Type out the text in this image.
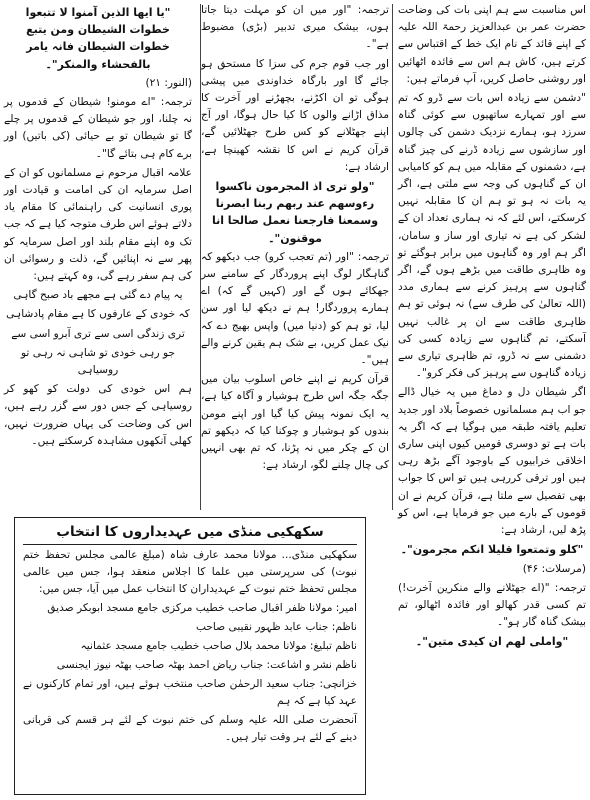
اس مناسبت سے ہم اپنی بات کی وضاحت حضرت عمر بن عبدالعزیز رحمۃ اللہ علیہ کے اپنے قائد کے نام ایک خط کے اقتباس سے کرتے ہیں، کاش ہم اس سے فائدہ اٹھائیں اور روشنی حاصل کریں، آپ فرماتے ہیں:

"دشمن سے زیادہ اس بات سے ڈرو کہ تم سے اور تمہارے ساتھیوں سے کوئی گناہ سرزد ہو، ہمارے نزدیک دشمن کی چالوں اور سازشوں سے زیادہ ڈرنے کی چیز گناہ ہے، دشمنوں کے مقابلہ میں ہم کو کامیابی ان کے گناہوں کی وجہ سے ملتی ہے، اگر یہ بات نہ ہو تو ہم ان کا مقابلہ نہیں کرسکتے، اس لئے کہ نہ ہماری تعداد ان کے لشکر کی ہے نہ تیاری اور ساز و سامان، اگر ہم اور وہ گناہوں میں برابر ہوگئے تو وہ ظاہری طاقت میں بڑھے ہوں گے، اگر گناہوں سے پرہیز کرنے سے ہماری مدد (اللہ تعالیٰ کی طرف سے) نہ ہوئی تو ہم ظاہری طاقت سے ان پر غالب نہیں آسکتے، تم گناہوں سے زیادہ کسی کی دشمنی سے نہ ڈرو، تم ظاہری تیاری سے زیادہ گناہوں سے پرہیز کی فکر کرو"۔

اگر شیطان دل و دماغ میں یہ خیال ڈالے جو اب ہم مسلمانوں خصوصاً بلاد اور جدید تعلیم یافتہ طبقہ میں ہوگیا ہے کہ اگر یہ بات ہے تو دوسری قومیں کیوں اپنی ساری اخلاقی خرابیوں کے باوجود آگے بڑھ رہی ہیں اور ترقی کررہی ہیں تو اس کا جواب بھی تفصیل سے ملتا ہے، قرآن کریم نے ان قوموں کے بارے میں جو فرمایا ہے، اس کو پڑھ لیں، ارشاد ہے:

"کلو وتمتعوا قلیلا انکم مجرمون"۔

(مرسلات: ۴۶)

ترجمہ: "(اے جھٹلانے والے منکرین آخرت!) تم کسی قدر کھالو اور فائدہ اٹھالو، تم بیشک گناہ گار ہو"۔

"واملی لھم ان کیدی متین"۔

ترجمہ: "اور میں ان کو مہلت دیتا جاتا ہوں، بیشک میری تدبیر (بڑی) مضبوط ہے"۔

اور جب قوم جرم کی سزا کا مستحق ہو جائے گا اور بارگاہ خداوندی میں پیشی ہوگی تو ان اکڑنے، بچھڑنے اور آخرت کا مذاق اڑانے والوں کا کیا حال ہوگا، اور آج اپنے جھٹلانے کو کس طرح جھٹلائیں گے، قرآن کریم نے اس کا نقشہ کھینچا ہے، ارشاد ہے:

"ولو تری اذ المجرمون ناکسوا رءوسھم عند ربھم ربنا ابصرنا وسمعنا فارجعنا نعمل صالحا انا موقنون"۔

ترجمہ: "اور (تم تعجب کرو) جب دیکھو کہ گناہگار لوگ اپنے پروردگار کے سامنے سر جھکائے ہوں گے اور (کہیں گے کہ) اے ہمارے پروردگار! ہم نے دیکھ لیا اور سن لیا، تو ہم کو (دنیا میں) واپس بھیج دے کہ نیک عمل کریں، بے شک ہم یقین کرنے والے ہیں"۔

قرآن کریم نے اپنے خاص اسلوب بیان میں جگہ جگہ اس طرح ہوشیار و آگاہ کیا ہے، یہ ایک نمونہ پیش کیا گیا اور اپنے مومن بندوں کو ہوشیار و چوکنا کیا کہ دیکھو تم ان کے چکر میں نہ پڑنا، کہ تم بھی انہیں کی چال چلنے لگو، ارشاد ہے:

"یا ایھا الذین آمنوا لا تتبعوا خطوات الشیطان ومن یتبع خطوات الشیطان فانہ یامر بالفحشاء والمنکر"۔

(النور: ۲۱)

ترجمہ: "اے مومنو! شیطان کے قدموں پر نہ چلنا، اور جو شیطان کے قدموں پر چلے گا تو شیطان تو بے حیائی (کی باتیں) اور برے کام ہی بتائے گا"۔

علامہ اقبال مرحوم نے مسلمانوں کو ان کے اصل سرمایہ ان کی امامت و قیادت اور پوری انسانیت کی راہنمائی کا مقام یاد دلاتے ہوئے اس طرف متوجہ کیا ہے کہ جب تک وہ اپنے مقام بلند اور اصل سرمایہ کو پھر سے نہ اپنائیں گے، ذلت و رسوائی ان کی ہم سفر رہے گی، وہ کہتے ہیں:

یہ پیام دے گئی ہے مجھے باد صبح گاہی

کہ خودی کے عارفوں کا ہے مقام پادشاہی

تری زندگی اسی سے تری آبرو اسی سے

جو رہی خودی تو شاہی نہ رہی تو روسیاہی

ہم اس خودی کی دولت کو کھو کر روسیاہی کے جس دور سے گزر رہے ہیں، اس کی وضاحت کی یہاں ضرورت نہیں، کھلی آنکھوں مشاہدہ کرسکتے ہیں۔

سکھکیی منڈی میں عہدیداروں کا انتخاب

سکھکیی منڈی... مولانا محمد عارف شاہ (مبلغ عالمی مجلس تحفظ ختم نبوت) کی سرپرستی میں علما کا اجلاس منعقد ہوا، جس میں عالمی مجلس تحفظ ختم نبوت کے عہدیداران کا انتخاب عمل میں آیا، جس میں:

امیر: مولانا ظفر اقبال صاحب خطیب مرکزی جامع مسجد ابوبکر صدیق

ناظم: جناب عابد ظہور نقیبی صاحب

ناظم تبلیغ: مولانا محمد بلال صاحب خطیب جامع مسجد عثمانیہ

ناظم نشر و اشاعت: جناب ریاض احمد بھٹہ صاحب بھٹہ نیوز ایجنسی

خزانچی: جناب سعید الرحمٰن صاحب منتخب ہوئے ہیں، اور تمام کارکنوں نے عہد کیا ہے کہ ہم

آنحضرت صلی اللہ علیہ وسلم کی ختم نبوت کے لئے ہر قسم کی قربانی دینے کے لئے ہر وقت تیار ہیں۔
